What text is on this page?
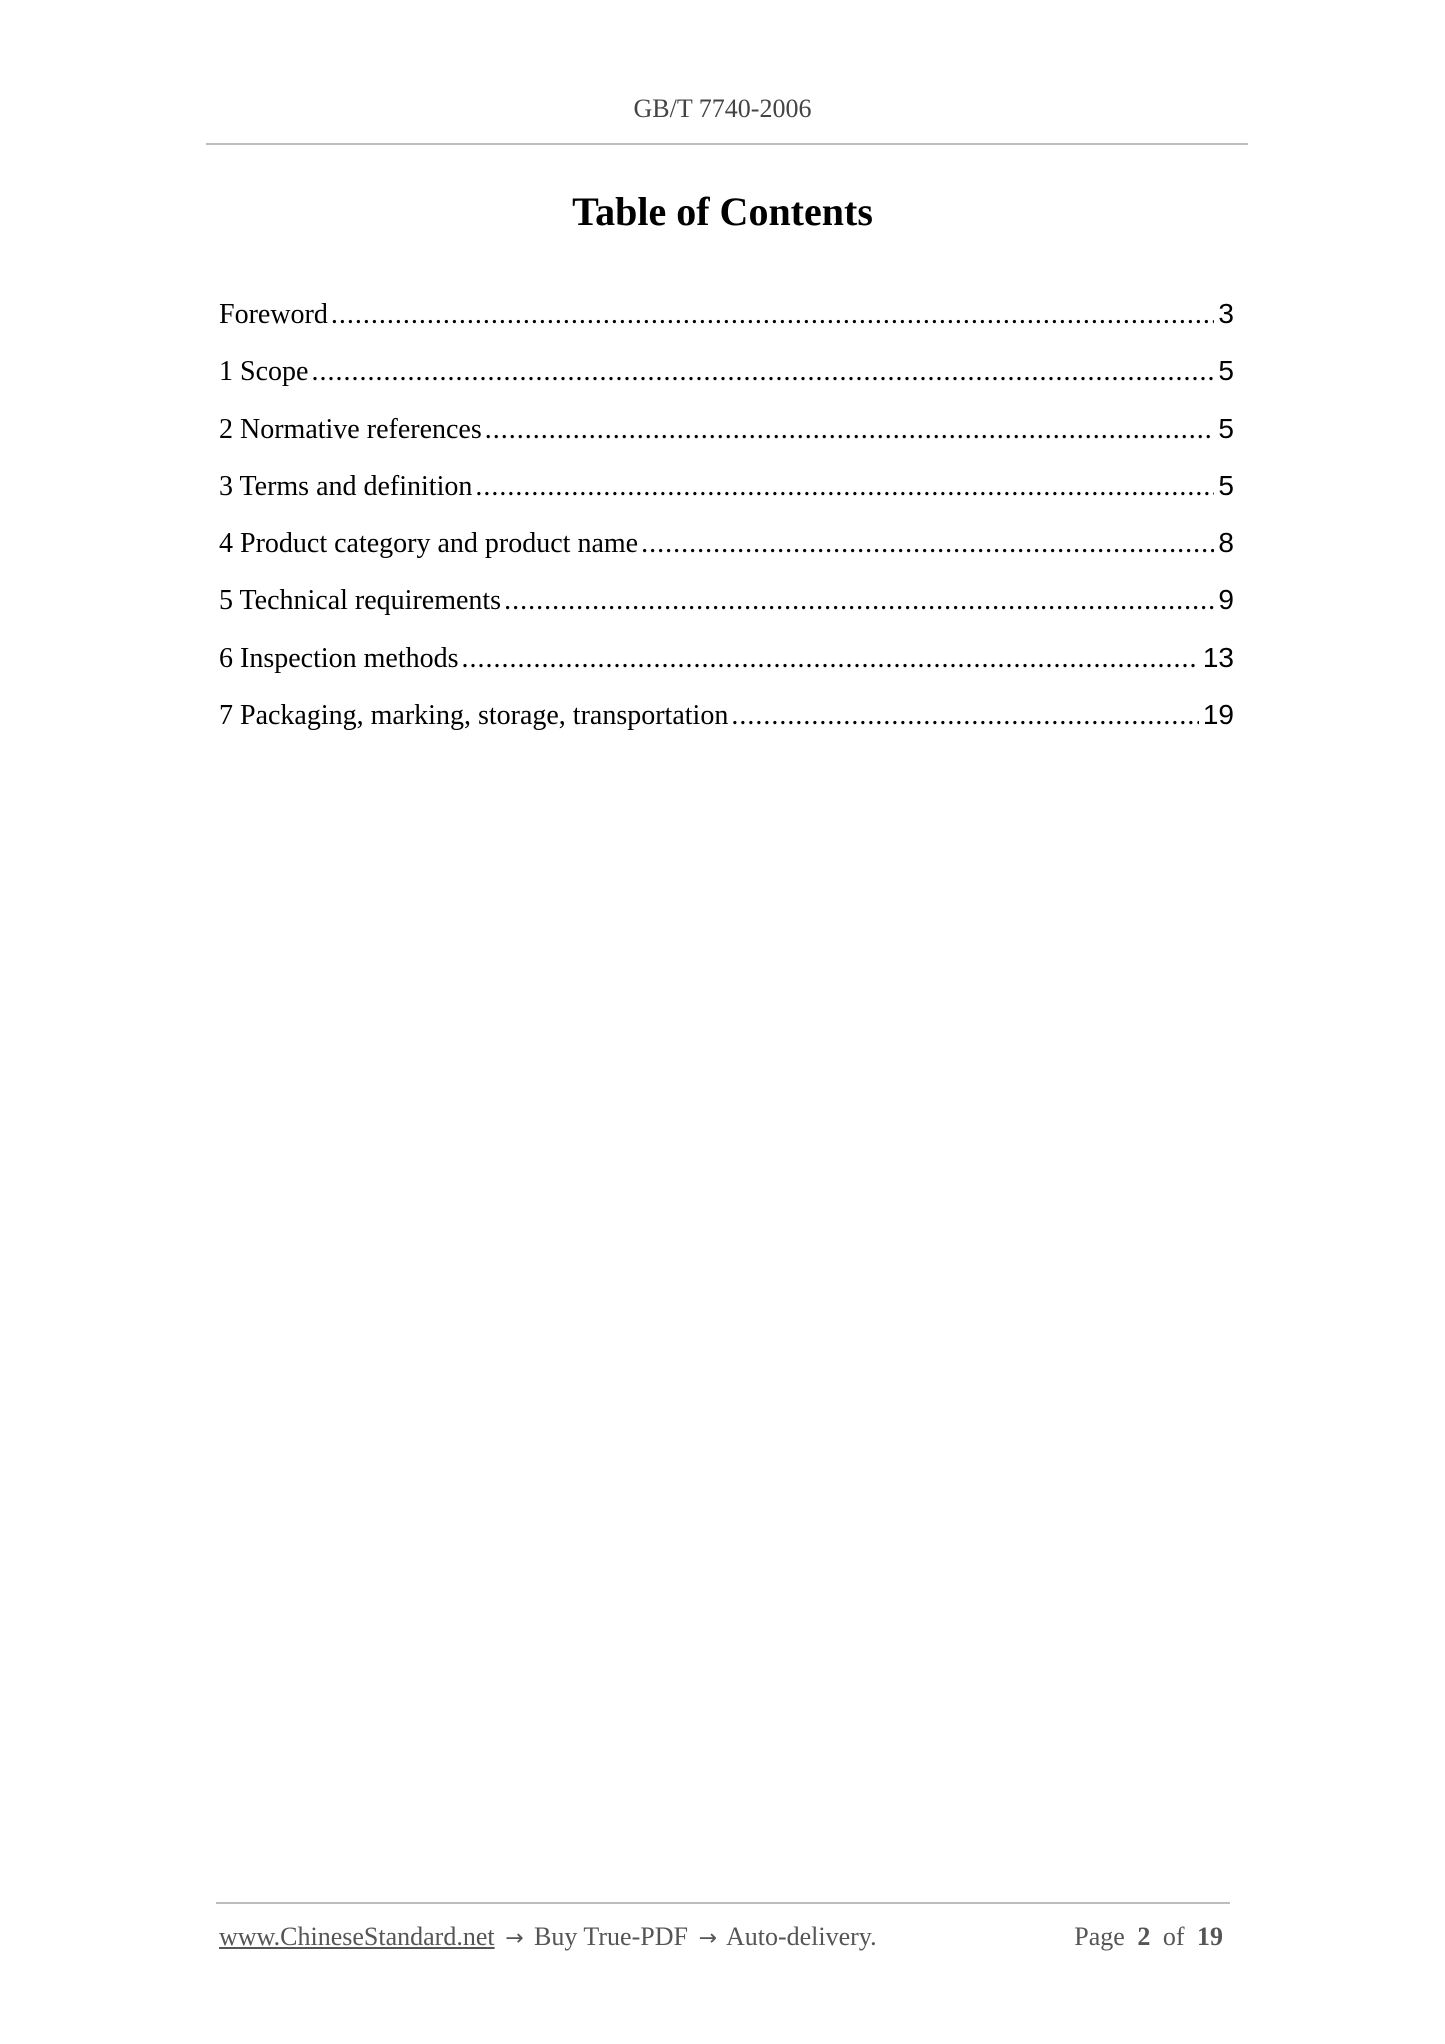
GB/T 7740-2006
Table of Contents
Foreword .....	3
1 Scope .....	5
2 Normative references .....	5
3 Terms and definition .....	5
4 Product category and product name .....	8
5 Technical requirements .....	9
6 Inspection methods .....	13
7 Packaging, marking, storage, transportation .....	19
www.ChineseStandard.net → Buy True-PDF → Auto-delivery.	Page 2 of 19
